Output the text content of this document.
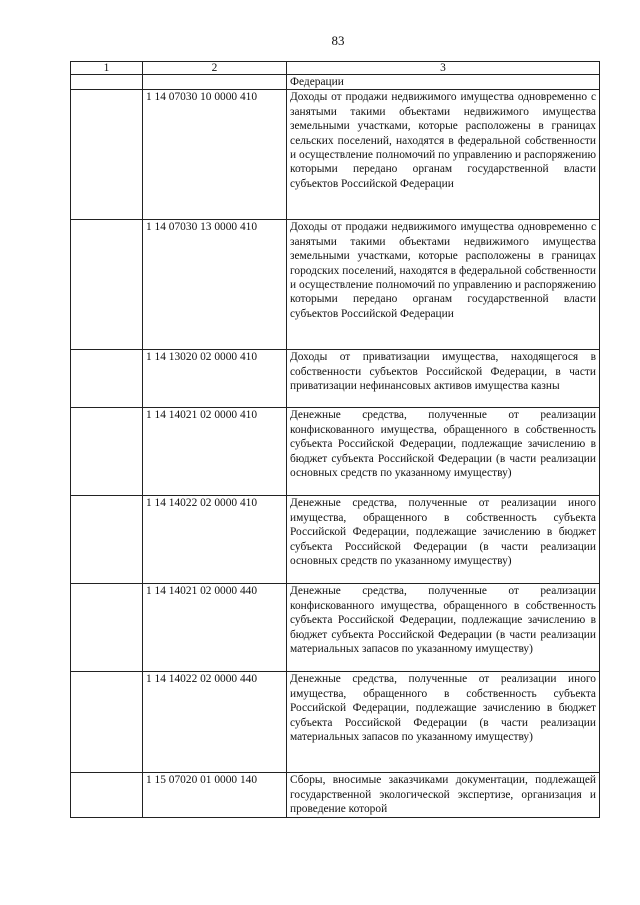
83
1	2	3
		Федерации
	1 14 07030 10 0000 410	Доходы от продажи недвижимого имущества одновременно с занятыми такими объектами недвижимого имущества земельными участками, которые расположены в границах сельских поселений, находятся в федеральной собственности и осуществление полномочий по управлению и распоряжению которыми передано органам государственной власти субъектов Российской Федерации
	1 14 07030 13 0000 410	Доходы от продажи недвижимого имущества одновременно с занятыми такими объектами недвижимого имущества земельными участками, которые расположены в границах городских поселений, находятся в федеральной собственности и осуществление полномочий по управлению и распоряжению которыми передано органам государственной власти субъектов Российской Федерации
	1 14 13020 02 0000 410	Доходы от приватизации имущества, находящегося в собственности субъектов Российской Федерации, в части приватизации нефинансовых активов имущества казны
	1 14 14021 02 0000 410	Денежные средства, полученные от реализации конфискованного имущества, обращенного в собственность субъекта Российской Федерации, подлежащие зачислению в бюджет субъекта Российской Федерации (в части реализации основных средств по указанному имуществу)
	1 14 14022 02 0000 410	Денежные средства, полученные от реализации иного имущества, обращенного в собственность субъекта Российской Федерации, подлежащие зачислению в бюджет субъекта Российской Федерации (в части реализации основных средств по указанному имуществу)
	1 14 14021 02 0000 440	Денежные средства, полученные от реализации конфискованного имущества, обращенного в собственность субъекта Российской Федерации, подлежащие зачислению в бюджет субъекта Российской Федерации (в части реализации материальных запасов по указанному имуществу)
	1 14 14022 02 0000 440	Денежные средства, полученные от реализации иного имущества, обращенного в собственность субъекта Российской Федерации, подлежащие зачислению в бюджет субъекта Российской Федерации (в части реализации материальных запасов по указанному имуществу)
	1 15 07020 01 0000 140	Сборы, вносимые заказчиками документации, подлежащей государственной экологической экспертизе, организация и проведение которой
